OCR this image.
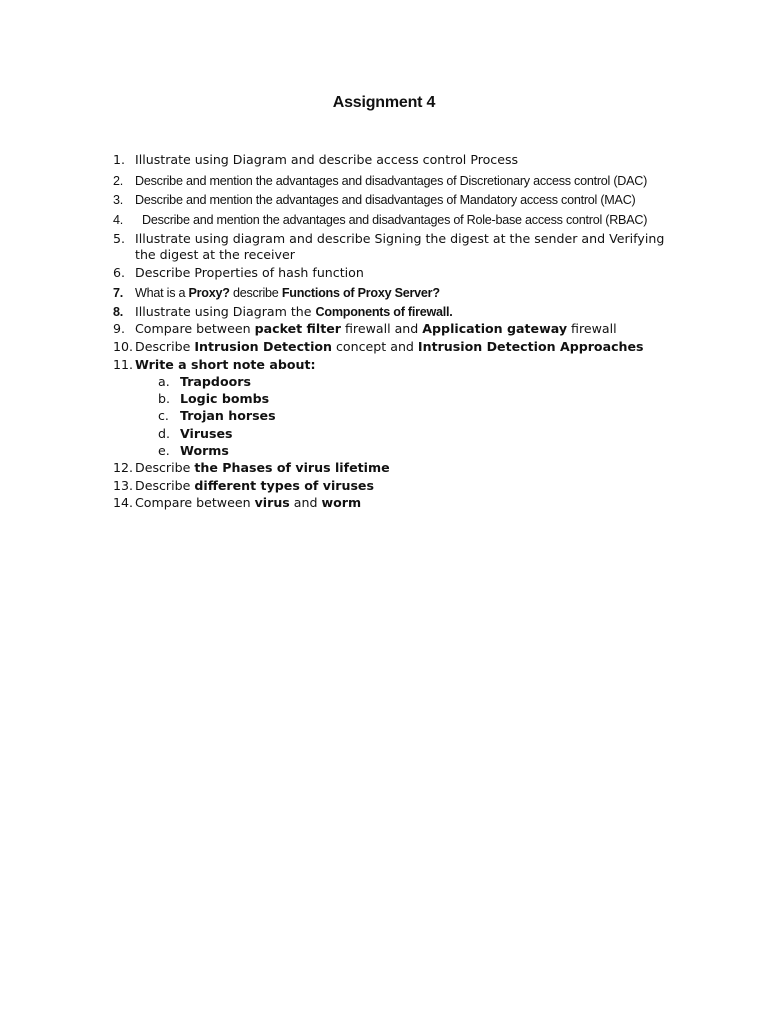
Assignment 4
1. Illustrate using Diagram and describe access control Process
2. Describe and mention the advantages and disadvantages of Discretionary access control (DAC)
3. Describe and mention the advantages and disadvantages of Mandatory access control (MAC)
4.	Describe and mention the advantages and disadvantages of Role-base access control (RBAC)
5. Illustrate using diagram and describe Signing the digest at the sender and Verifying the digest at the receiver
6. Describe Properties of hash function
7. What is a Proxy? describe Functions of Proxy Server?
8. Illustrate using Diagram the Components of firewall.
9. Compare between packet filter firewall and Application gateway firewall
10. Describe Intrusion Detection concept and Intrusion Detection Approaches
11. Write a short note about:
a. Trapdoors
b. Logic bombs
c. Trojan horses
d. Viruses
e. Worms
12. Describe the Phases of virus lifetime
13. Describe different types of viruses
14. Compare between virus and worm
